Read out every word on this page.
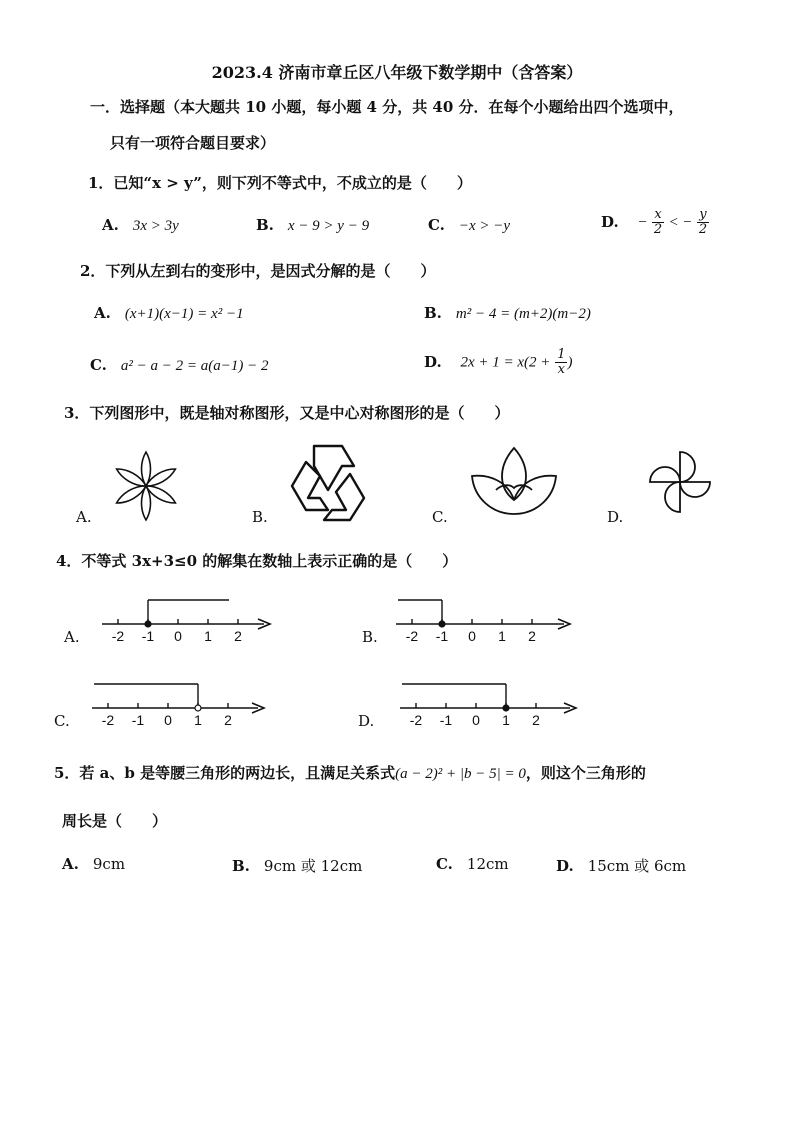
2023.4 济南市章丘区八年级下数学期中（含答案）
一．选择题（本大题共 10 小题，每小题 4 分，共 40 分．在每个小题给出四个选项中，
只有一项符合题目要求）
1．已知“x > y”，则下列不等式中，不成立的是（　　）
A. 3x > 3y	B. x − 9 > y − 9	C. −x > −y	D. − $\frac{x}{2}$ < − $\frac{y}{2}$
2．下列从左到右的变形中，是因式分解的是（　　）
A. (x+1)(x−1) = x² −1	B. m² − 4 = (m+2)(m−2)
C. a² − a − 2 = a(a−1) − 2	D. $2x + 1 = x(2 + \frac{1}{x}$ )
3．下列图形中，既是轴对称图形，又是中心对称图形的是（　　）
A.	B.	C.	D.
4．不等式 3x+3≤0 的解集在数轴上表示正确的是（　　）
A. -2 -1 0 1 2	B. -2 -1 0 1 2
C. -2 -1 0 1 2	D.	-2 -1 0 1 2
5．若 a、b 是等腰三角形的两边长，且满足关系式(a − 2)² + |b − 5| = 0，则这个三角形的
周长是（　　）
A. 9cm	B. 9cm 或 12cm	C. 12cm	D. 15cm 或 6cm
